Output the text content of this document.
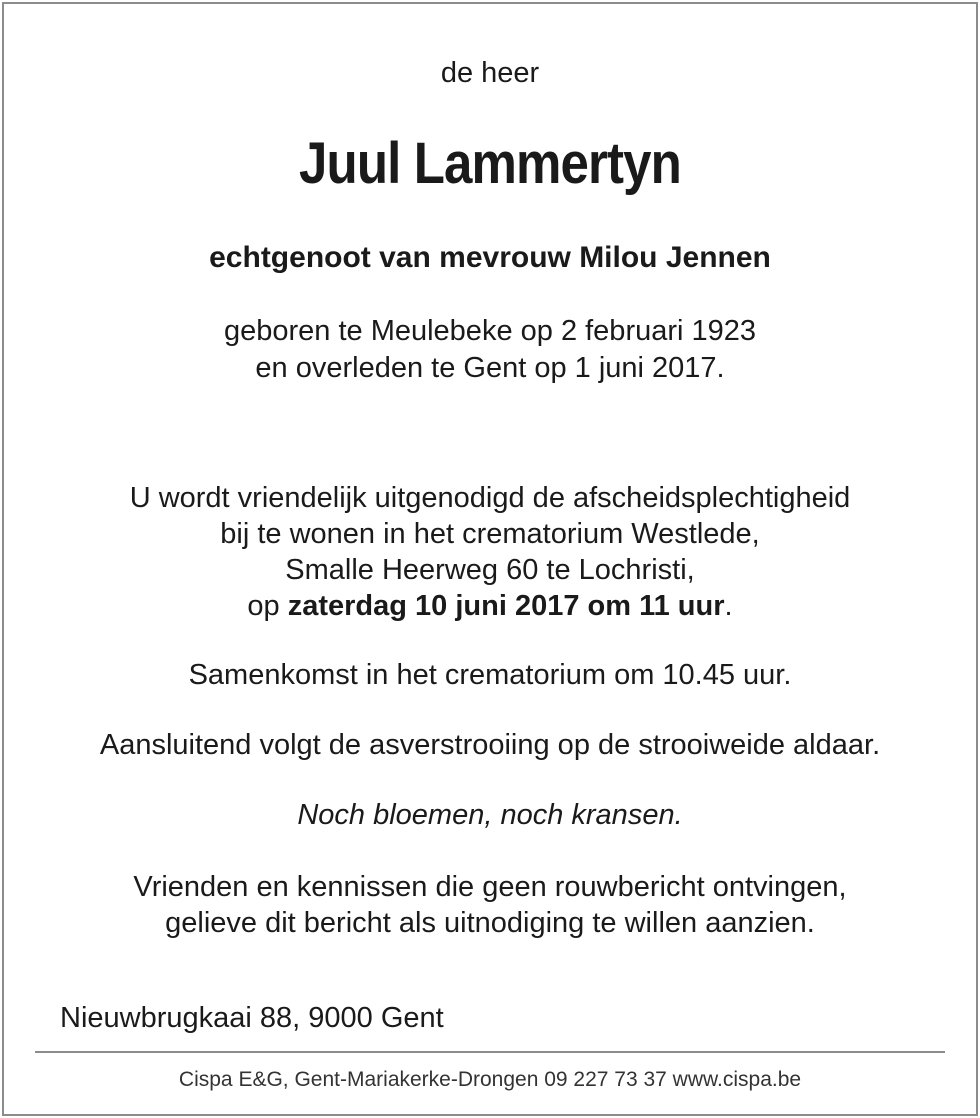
de heer
Juul Lammertyn
echtgenoot van mevrouw Milou Jennen
geboren te Meulebeke op 2 februari 1923
en overleden te Gent op 1 juni 2017.
U wordt vriendelijk uitgenodigd de afscheidsplechtigheid
bij te wonen in het crematorium Westlede,
Smalle Heerweg 60 te Lochristi,
op zaterdag 10 juni 2017 om 11 uur.
Samenkomst in het crematorium om 10.45 uur.
Aansluitend volgt de asverstrooiing op de strooiweide aldaar.
Noch bloemen, noch kransen.
Vrienden en kennissen die geen rouwbericht ontvingen,
gelieve dit bericht als uitnodiging te willen aanzien.
Nieuwbrugkaai 88, 9000 Gent
Cispa E&G, Gent-Mariakerke-Drongen 09 227 73 37 www.cispa.be
